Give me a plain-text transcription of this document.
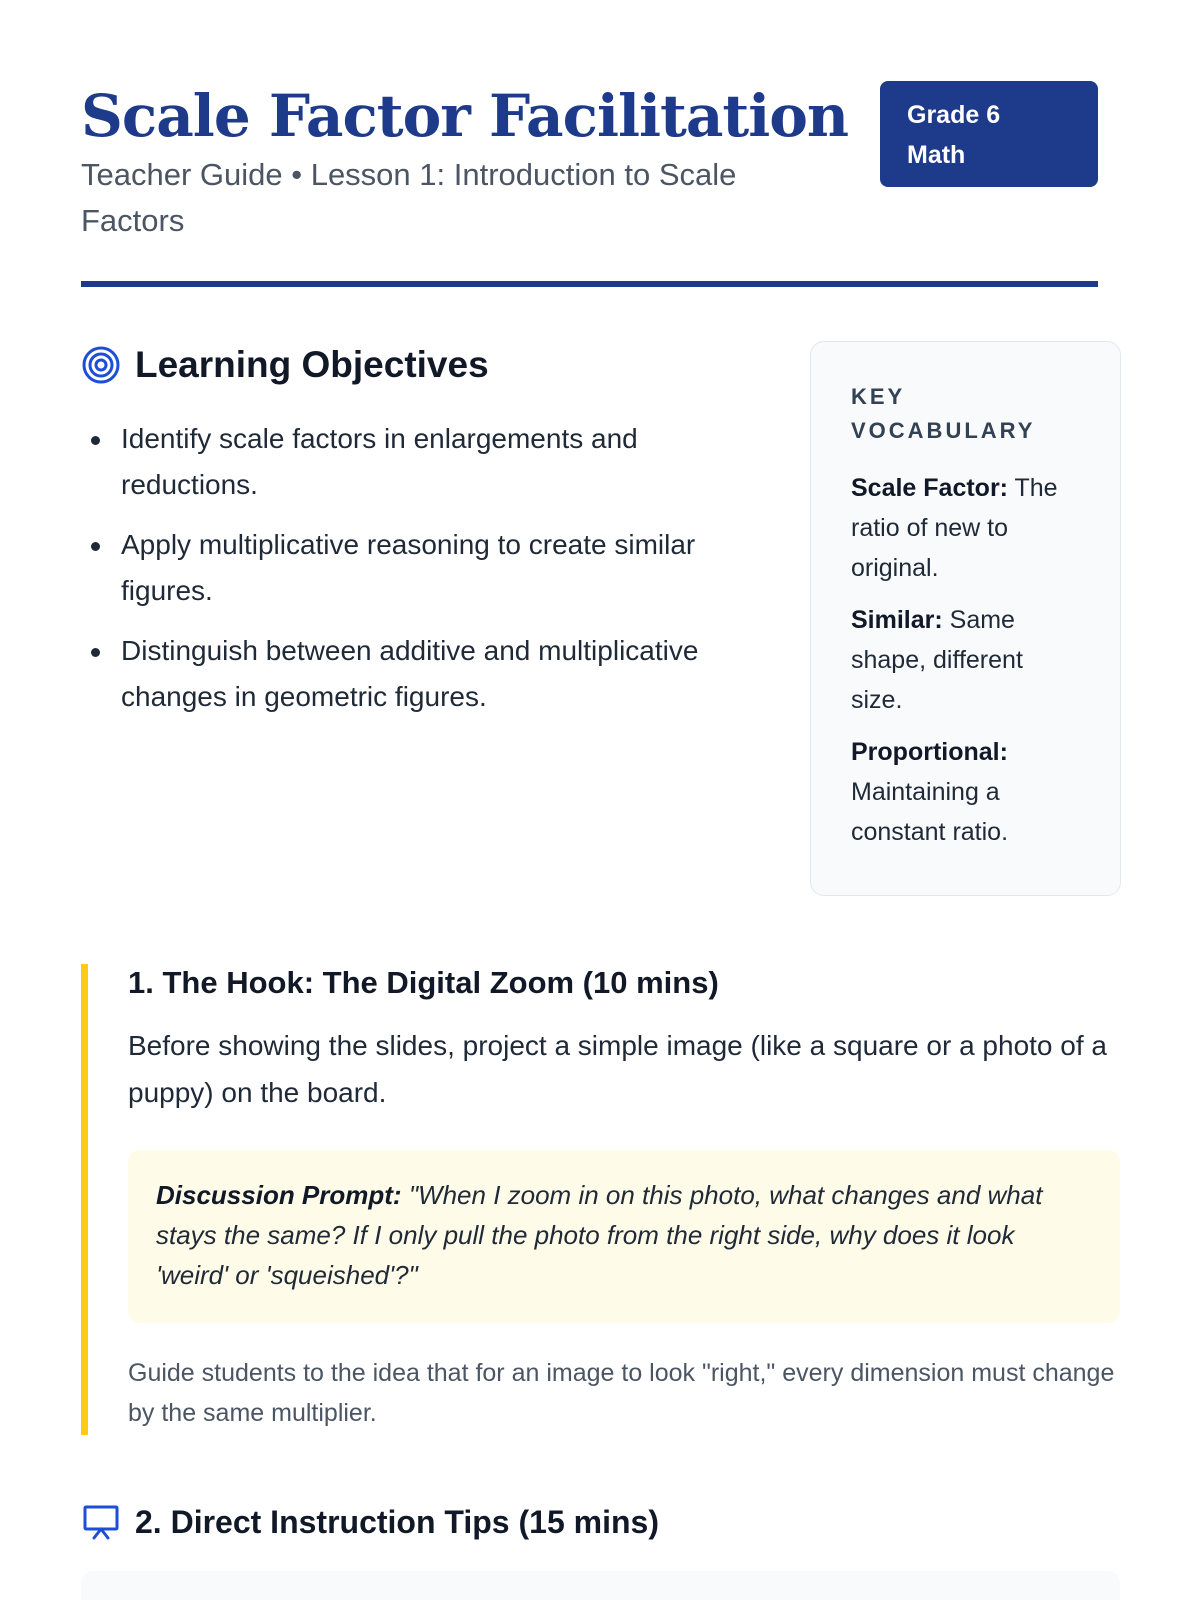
Scale Factor Facilitation
Teacher Guide • Lesson 1: Introduction to Scale Factors
Grade 6
Math
Learning Objectives
Identify scale factors in enlargements and reductions.
Apply multiplicative reasoning to create similar figures.
Distinguish between additive and multiplicative changes in geometric figures.
KEY VOCABULARY
Scale Factor: The ratio of new to original.
Similar: Same shape, different size.
Proportional: Maintaining a constant ratio.
1. The Hook: The Digital Zoom (10 mins)

Before showing the slides, project a simple image (like a square or a photo of a puppy) on the board.

Discussion Prompt: "When I zoom in on this photo, what changes and what stays the same? If I only pull the photo from the right side, why does it look 'weird' or 'squeished'?"

Guide students to the idea that for an image to look "right," every dimension must change by the same multiplier.

2. Direct Instruction Tips (15 mins)
